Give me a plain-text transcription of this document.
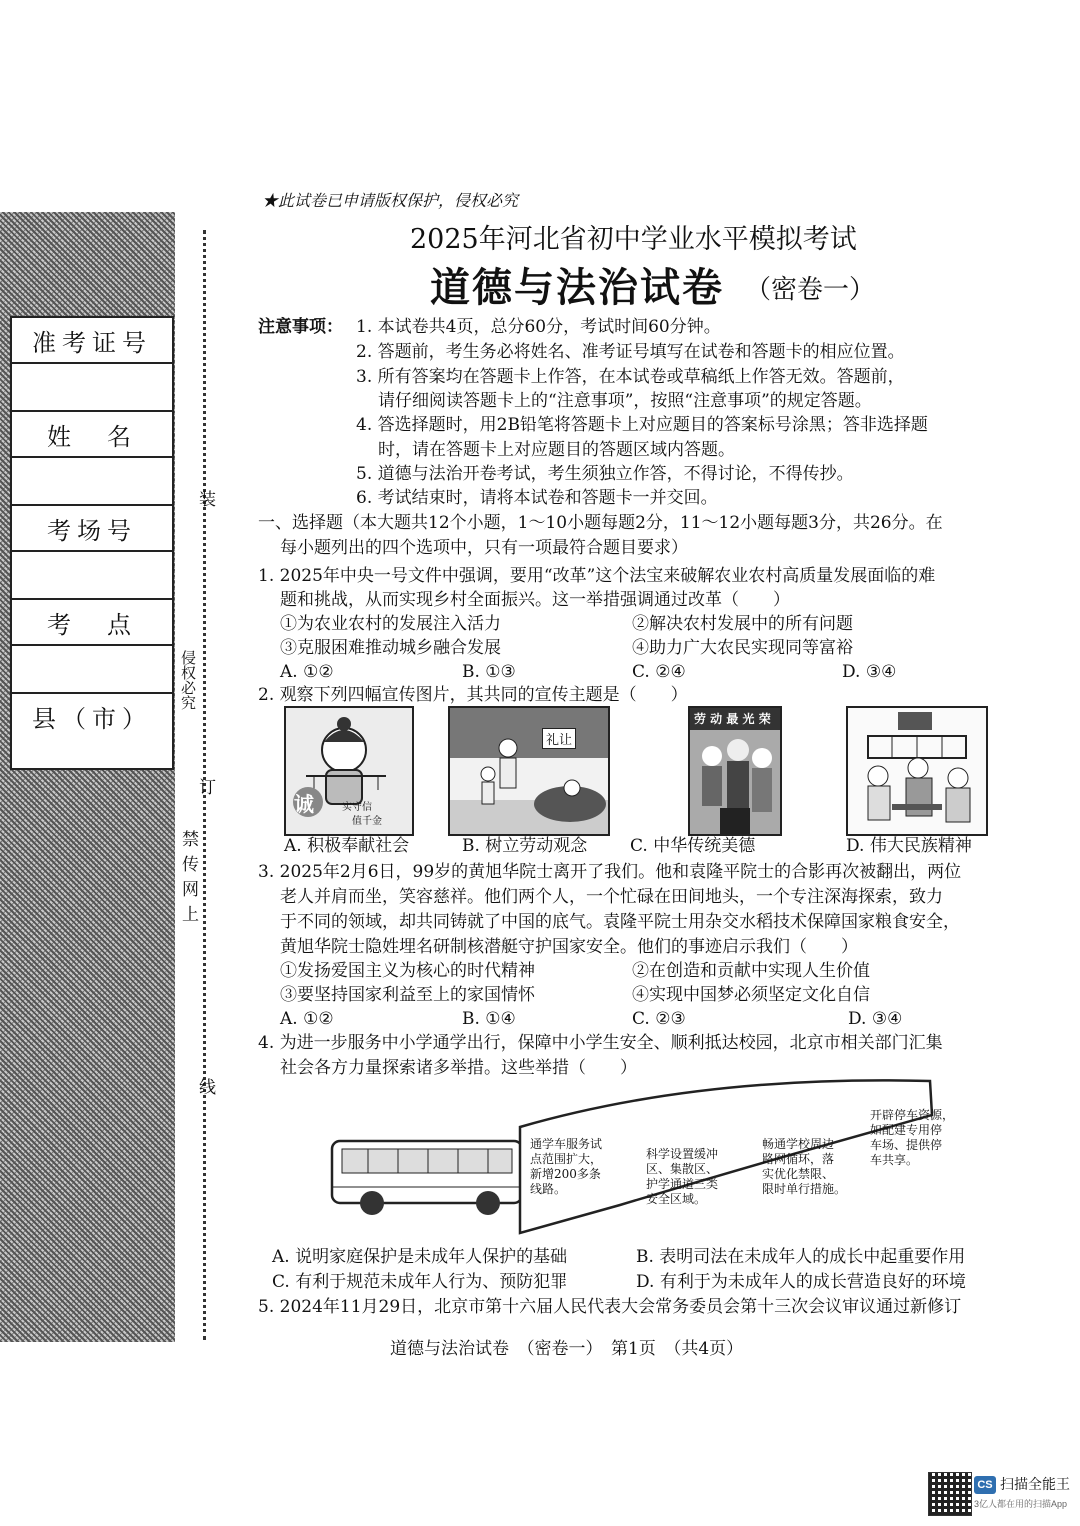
准考证号
姓　名
考场号
考　点
县（市）
装
侵权必究
订
禁传网上
线
★此试卷已申请版权保护，侵权必究
2025年河北省初中学业水平模拟考试
道德与法治试卷 （密卷一）
注意事项： 1. 本试卷共4页，总分60分，考试时间60分钟。
2. 答题前，考生务必将姓名、准考证号填写在试卷和答题卡的相应位置。
3. 所有答案均在答题卡上作答，在本试卷或草稿纸上作答无效。答题前，
请仔细阅读答题卡上的“注意事项”，按照“注意事项”的规定答题。
4. 答选择题时，用2B铅笔将答题卡上对应题目的答案标号涂黑；答非选择题
时，请在答题卡上对应题目的答题区域内答题。
5. 道德与法治开卷考试，考生须独立作答，不得讨论，不得传抄。
6. 考试结束时，请将本试卷和答题卡一并交回。
一、选择题（本大题共12个小题，1～10小题每题2分，11～12小题每题3分，共26分。在
每小题列出的四个选项中，只有一项最符合题目要求）
1. 2025年中央一号文件中强调，要用“改革”这个法宝来破解农业农村高质量发展面临的难
题和挑战，从而实现乡村全面振兴。这一举措强调通过改革（　　）
①为农业农村的发展注入活力	②解决农村发展中的所有问题
③克服困难推动城乡融合发展	④助力广大农民实现同等富裕
A. ①②	B. ①③	C. ②④	D. ③④
2. 观察下列四幅宣传图片，其共同的宣传主题是（　　）
诚	实守信
值千金
礼让
劳 动 最 光 荣
A. 积极奉献社会	B. 树立劳动观念	C. 中华传统美德	D. 伟大民族精神
3. 2025年2月6日，99岁的黄旭华院士离开了我们。他和袁隆平院士的合影再次被翻出，两位
老人并肩而坐，笑容慈祥。他们两个人，一个忙碌在田间地头，一个专注深海探索，致力
于不同的领域，却共同铸就了中国的底气。袁隆平院士用杂交水稻技术保障国家粮食安全，
黄旭华院士隐姓埋名研制核潜艇守护国家安全。他们的事迹启示我们（　　）
①发扬爱国主义为核心的时代精神	②在创造和贡献中实现人生价值
③要坚持国家利益至上的家国情怀	④实现中国梦必须坚定文化自信
A. ①②	B. ①④	C. ②③	D. ③④
4. 为进一步服务中小学通学出行，保障中小学生安全、顺利抵达校园，北京市相关部门汇集
社会各方力量探索诸多举措。这些举措（　　）
通学车服务试
点范围扩大，
新增200多条
线路。
科学设置缓冲
区、集散区、
护学通道三类
安全区域。
畅通学校周边
路网循环，落
实优化禁限、
限时单行措施。
开辟停车资源，
如配建专用停
车场、提供停
车共享。
A. 说明家庭保护是未成年人保护的基础	B. 表明司法在未成年人的成长中起重要作用
C. 有利于规范未成年人行为、预防犯罪	D. 有利于为未成年人的成长营造良好的环境
5. 2024年11月29日，北京市第十六届人民代表大会常务委员会第十三次会议审议通过新修订
道德与法治试卷　（密卷一）　第1页　（共4页）
CS 扫描全能王
3亿人都在用的扫描App
